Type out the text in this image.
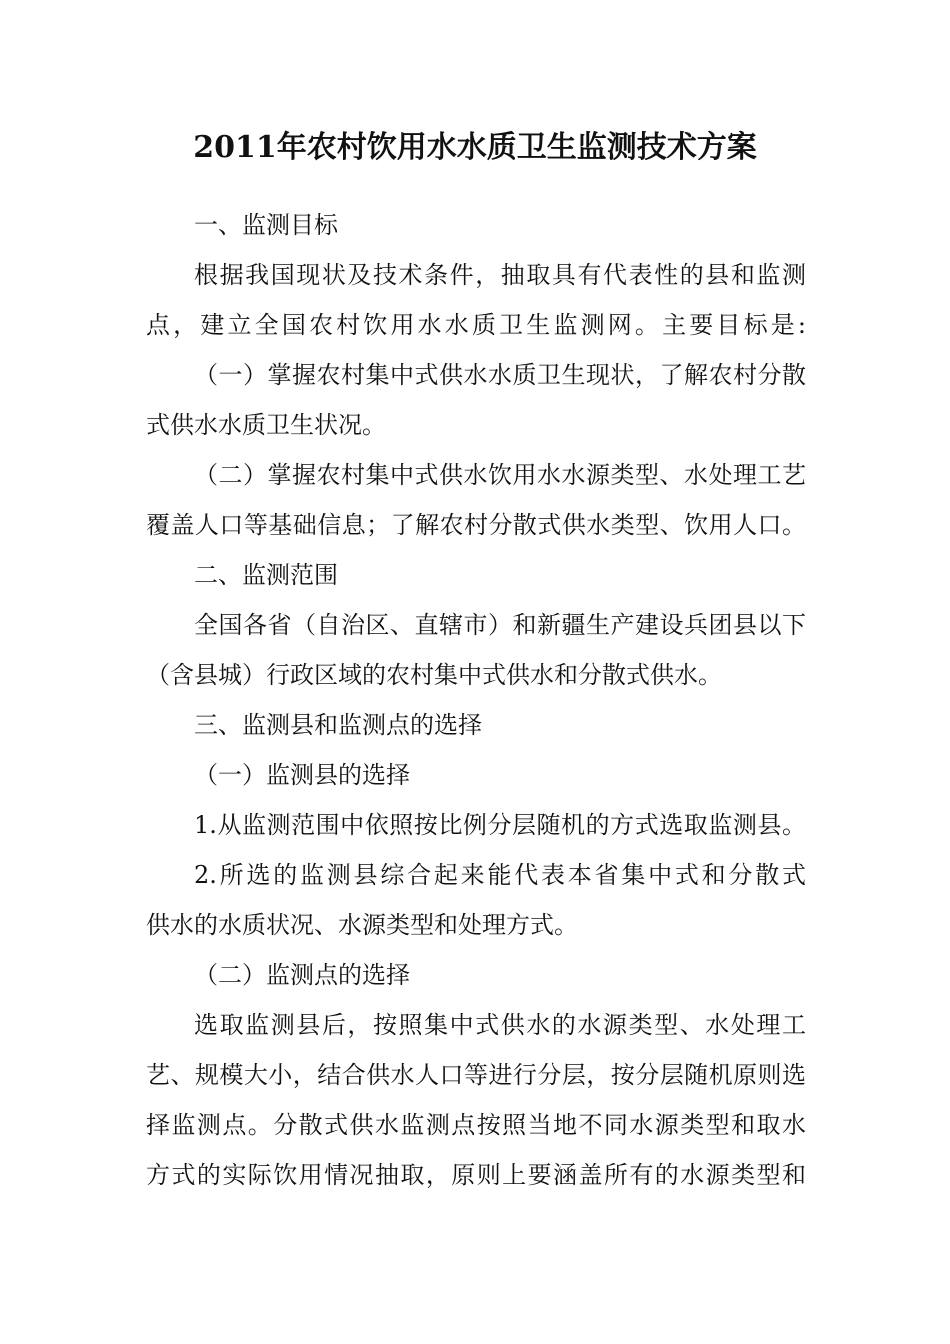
2011年农村饮用水水质卫生监测技术方案
一、监测目标
根据我国现状及技术条件，抽取具有代表性的县和监测
点，建立全国农村饮用水水质卫生监测网。主要目标是:
（一）掌握农村集中式供水水质卫生现状，了解农村分散
式供水水质卫生状况。
（二）掌握农村集中式供水饮用水水源类型、水处理工艺
覆盖人口等基础信息；了解农村分散式供水类型、饮用人口。
二、监测范围
全国各省（自治区、直辖市）和新疆生产建设兵团县以下
（含县城）行政区域的农村集中式供水和分散式供水。
三、监测县和监测点的选择
（一）监测县的选择
1.从监测范围中依照按比例分层随机的方式选取监测县。
2.所选的监测县综合起来能代表本省集中式和分散式
供水的水质状况、水源类型和处理方式。
（二）监测点的选择
选取监测县后，按照集中式供水的水源类型、水处理工
艺、规模大小，结合供水人口等进行分层，按分层随机原则选
择监测点。分散式供水监测点按照当地不同水源类型和取水
方式的实际饮用情况抽取，原则上要涵盖所有的水源类型和
